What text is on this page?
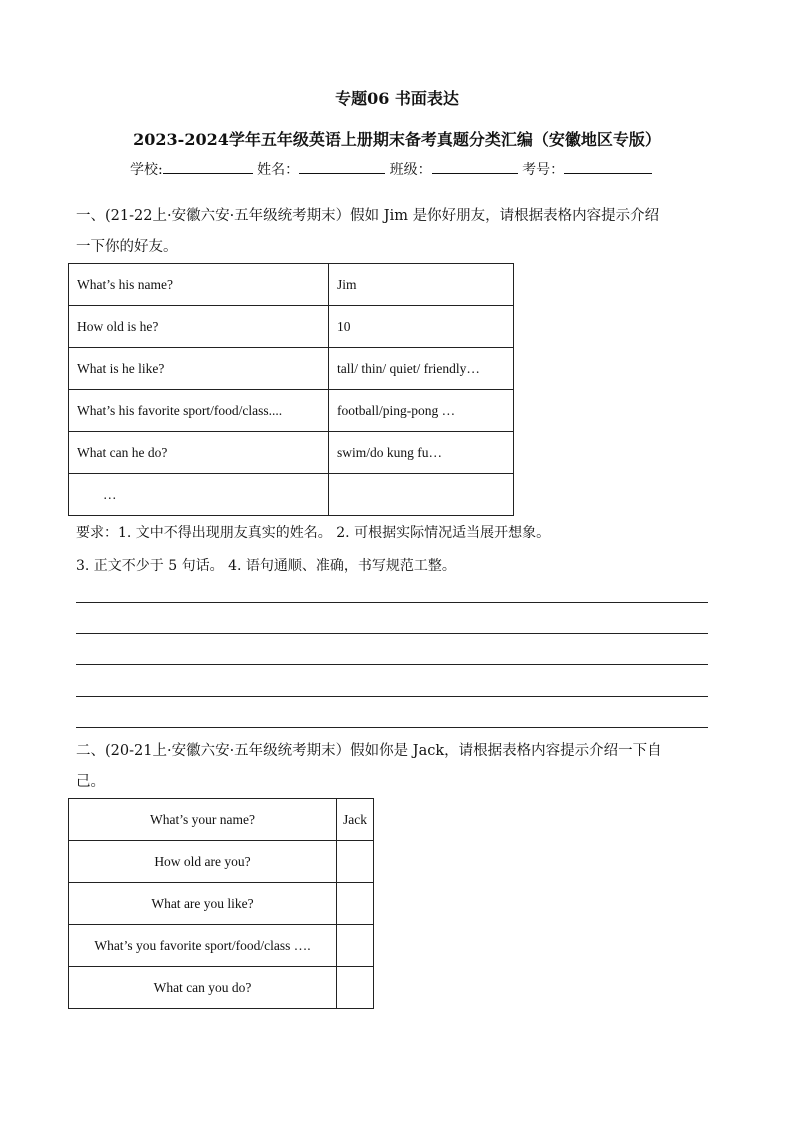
专题06 书面表达
2023-2024学年五年级英语上册期末备考真题分类汇编（安徽地区专版）
学校:	姓名：	班级：	考号：
一、(21-22上·安徽六安·五年级统考期末）假如 Jim 是你好朋友，请根据表格内容提示介绍
一下你的好友。
What’s his name?	Jim
How old is he?	10
What is he like?	tall/ thin/ quiet/ friendly…
What’s his favorite sport/food/class....	football/ping-pong …
What can he do?	swim/do kung fu…
…	
要求：1. 文中不得出现朋友真实的姓名。 2. 可根据实际情况适当展开想象。
3. 正文不少于 5 句话。 4. 语句通顺、准确，书写规范工整。
二、(20-21上·安徽六安·五年级统考期末）假如你是 Jack，请根据表格内容提示介绍一下自
己。
What’s your name?	Jack
How old are you?	
What are you like?	
What’s you favorite sport/food/class ….	
What can you do?	
